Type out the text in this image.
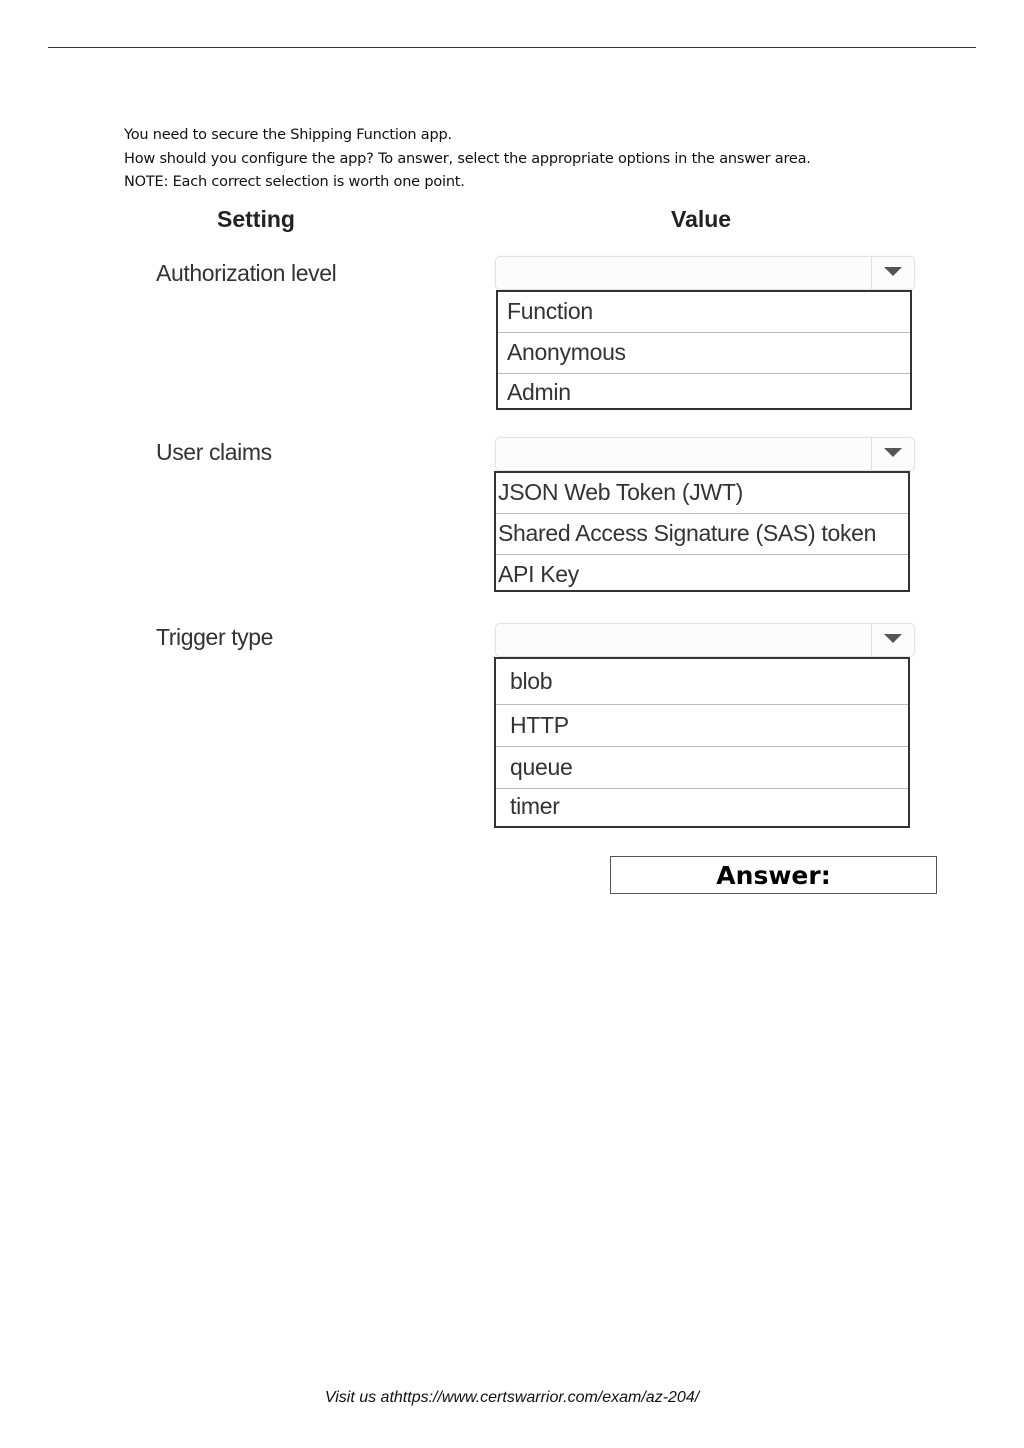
You need to secure the Shipping Function app.
How should you configure the app? To answer, select the appropriate options in the answer area.
NOTE: Each correct selection is worth one point.
Setting	Value
Authorization level
Function
Anonymous
Admin
User claims
JSON Web Token (JWT)
Shared Access Signature (SAS) token
API Key
Trigger type
blob
HTTP
queue
timer
Answer:
Visit us athttps://www.certswarrior.com/exam/az-204/
